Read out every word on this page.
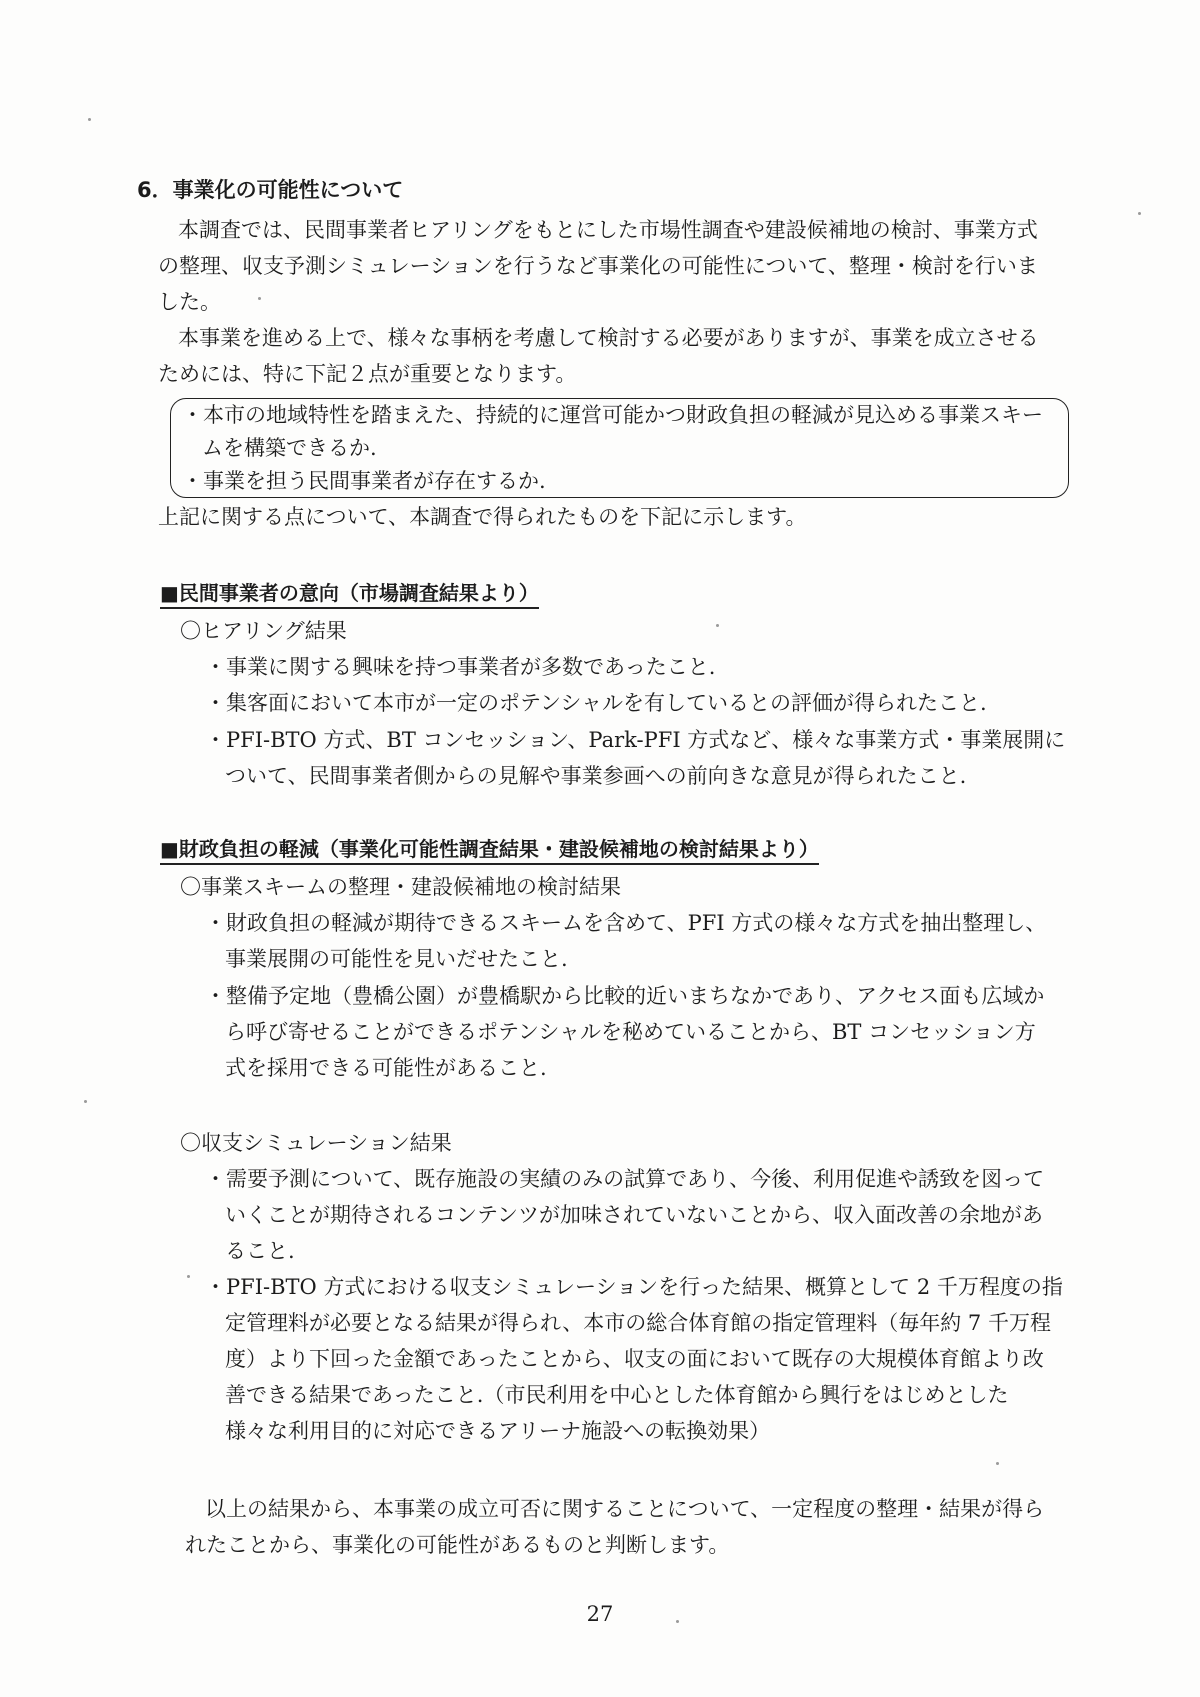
6．事業化の可能性について
本調査では、民間事業者ヒアリングをもとにした市場性調査や建設候補地の検討、事業方式
の整理、収支予測シミュレーションを行うなど事業化の可能性について、整理・検討を行いま
した。
本事業を進める上で、様々な事柄を考慮して検討する必要がありますが、事業を成立させる
ためには、特に下記２点が重要となります。
・本市の地域特性を踏まえた、持続的に運営可能かつ財政負担の軽減が見込める事業スキー
ムを構築できるか.
・事業を担う民間事業者が存在するか.
上記に関する点について、本調査で得られたものを下記に示します。
■民間事業者の意向（市場調査結果より）
〇ヒアリング結果
・事業に関する興味を持つ事業者が多数であったこと.
・集客面において本市が一定のポテンシャルを有しているとの評価が得られたこと.
・PFI-BTO 方式、BT コンセッション、Park-PFI 方式など、様々な事業方式・事業展開に
ついて、民間事業者側からの見解や事業参画への前向きな意見が得られたこと.
■財政負担の軽減（事業化可能性調査結果・建設候補地の検討結果より）
〇事業スキームの整理・建設候補地の検討結果
・財政負担の軽減が期待できるスキームを含めて、PFI 方式の様々な方式を抽出整理し、
事業展開の可能性を見いだせたこと.
・整備予定地（豊橋公園）が豊橋駅から比較的近いまちなかであり、アクセス面も広域か
ら呼び寄せることができるポテンシャルを秘めていることから、BT コンセッション方
式を採用できる可能性があること.
〇収支シミュレーション結果
・需要予測について、既存施設の実績のみの試算であり、今後、利用促進や誘致を図って
いくことが期待されるコンテンツが加味されていないことから、収入面改善の余地があ
ること.
・PFI-BTO 方式における収支シミュレーションを行った結果、概算として 2 千万程度の指
定管理料が必要となる結果が得られ、本市の総合体育館の指定管理料（毎年約 7 千万程
度）より下回った金額であったことから、収支の面において既存の大規模体育館より改
善できる結果であったこと.（市民利用を中心とした体育館から興行をはじめとした
様々な利用目的に対応できるアリーナ施設への転換効果）
以上の結果から、本事業の成立可否に関することについて、一定程度の整理・結果が得ら
れたことから、事業化の可能性があるものと判断します。
27
